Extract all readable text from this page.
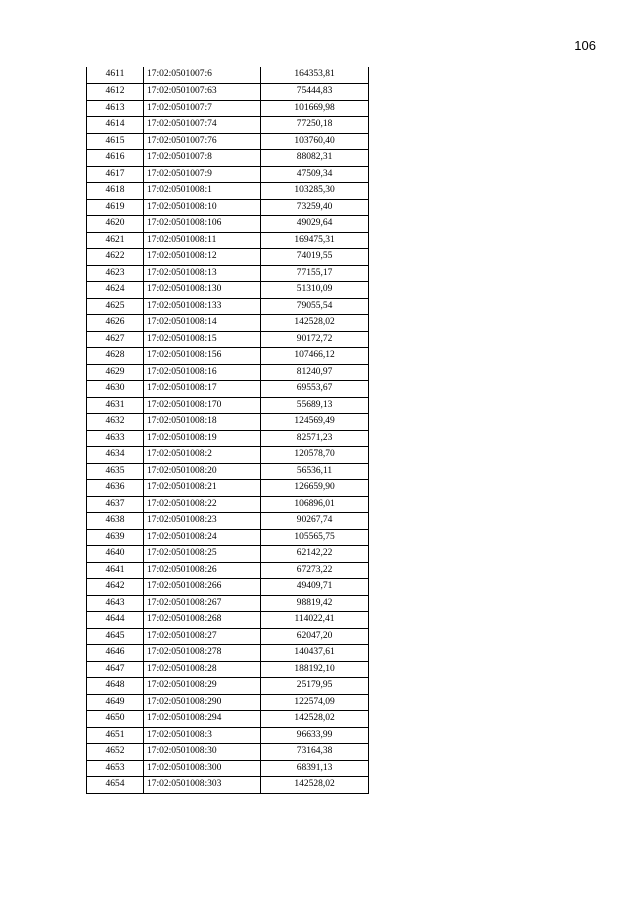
106
4611	17:02:0501007:6	164353,81
4612	17:02:0501007:63	75444,83
4613	17:02:0501007:7	101669,98
4614	17:02:0501007:74	77250,18
4615	17:02:0501007:76	103760,40
4616	17:02:0501007:8	88082,31
4617	17:02:0501007:9	47509,34
4618	17:02:0501008:1	103285,30
4619	17:02:0501008:10	73259,40
4620	17:02:0501008:106	49029,64
4621	17:02:0501008:11	169475,31
4622	17:02:0501008:12	74019,55
4623	17:02:0501008:13	77155,17
4624	17:02:0501008:130	51310,09
4625	17:02:0501008:133	79055,54
4626	17:02:0501008:14	142528,02
4627	17:02:0501008:15	90172,72
4628	17:02:0501008:156	107466,12
4629	17:02:0501008:16	81240,97
4630	17:02:0501008:17	69553,67
4631	17:02:0501008:170	55689,13
4632	17:02:0501008:18	124569,49
4633	17:02:0501008:19	82571,23
4634	17:02:0501008:2	120578,70
4635	17:02:0501008:20	56536,11
4636	17:02:0501008:21	126659,90
4637	17:02:0501008:22	106896,01
4638	17:02:0501008:23	90267,74
4639	17:02:0501008:24	105565,75
4640	17:02:0501008:25	62142,22
4641	17:02:0501008:26	67273,22
4642	17:02:0501008:266	49409,71
4643	17:02:0501008:267	98819,42
4644	17:02:0501008:268	114022,41
4645	17:02:0501008:27	62047,20
4646	17:02:0501008:278	140437,61
4647	17:02:0501008:28	188192,10
4648	17:02:0501008:29	25179,95
4649	17:02:0501008:290	122574,09
4650	17:02:0501008:294	142528,02
4651	17:02:0501008:3	96633,99
4652	17:02:0501008:30	73164,38
4653	17:02:0501008:300	68391,13
4654	17:02:0501008:303	142528,02
